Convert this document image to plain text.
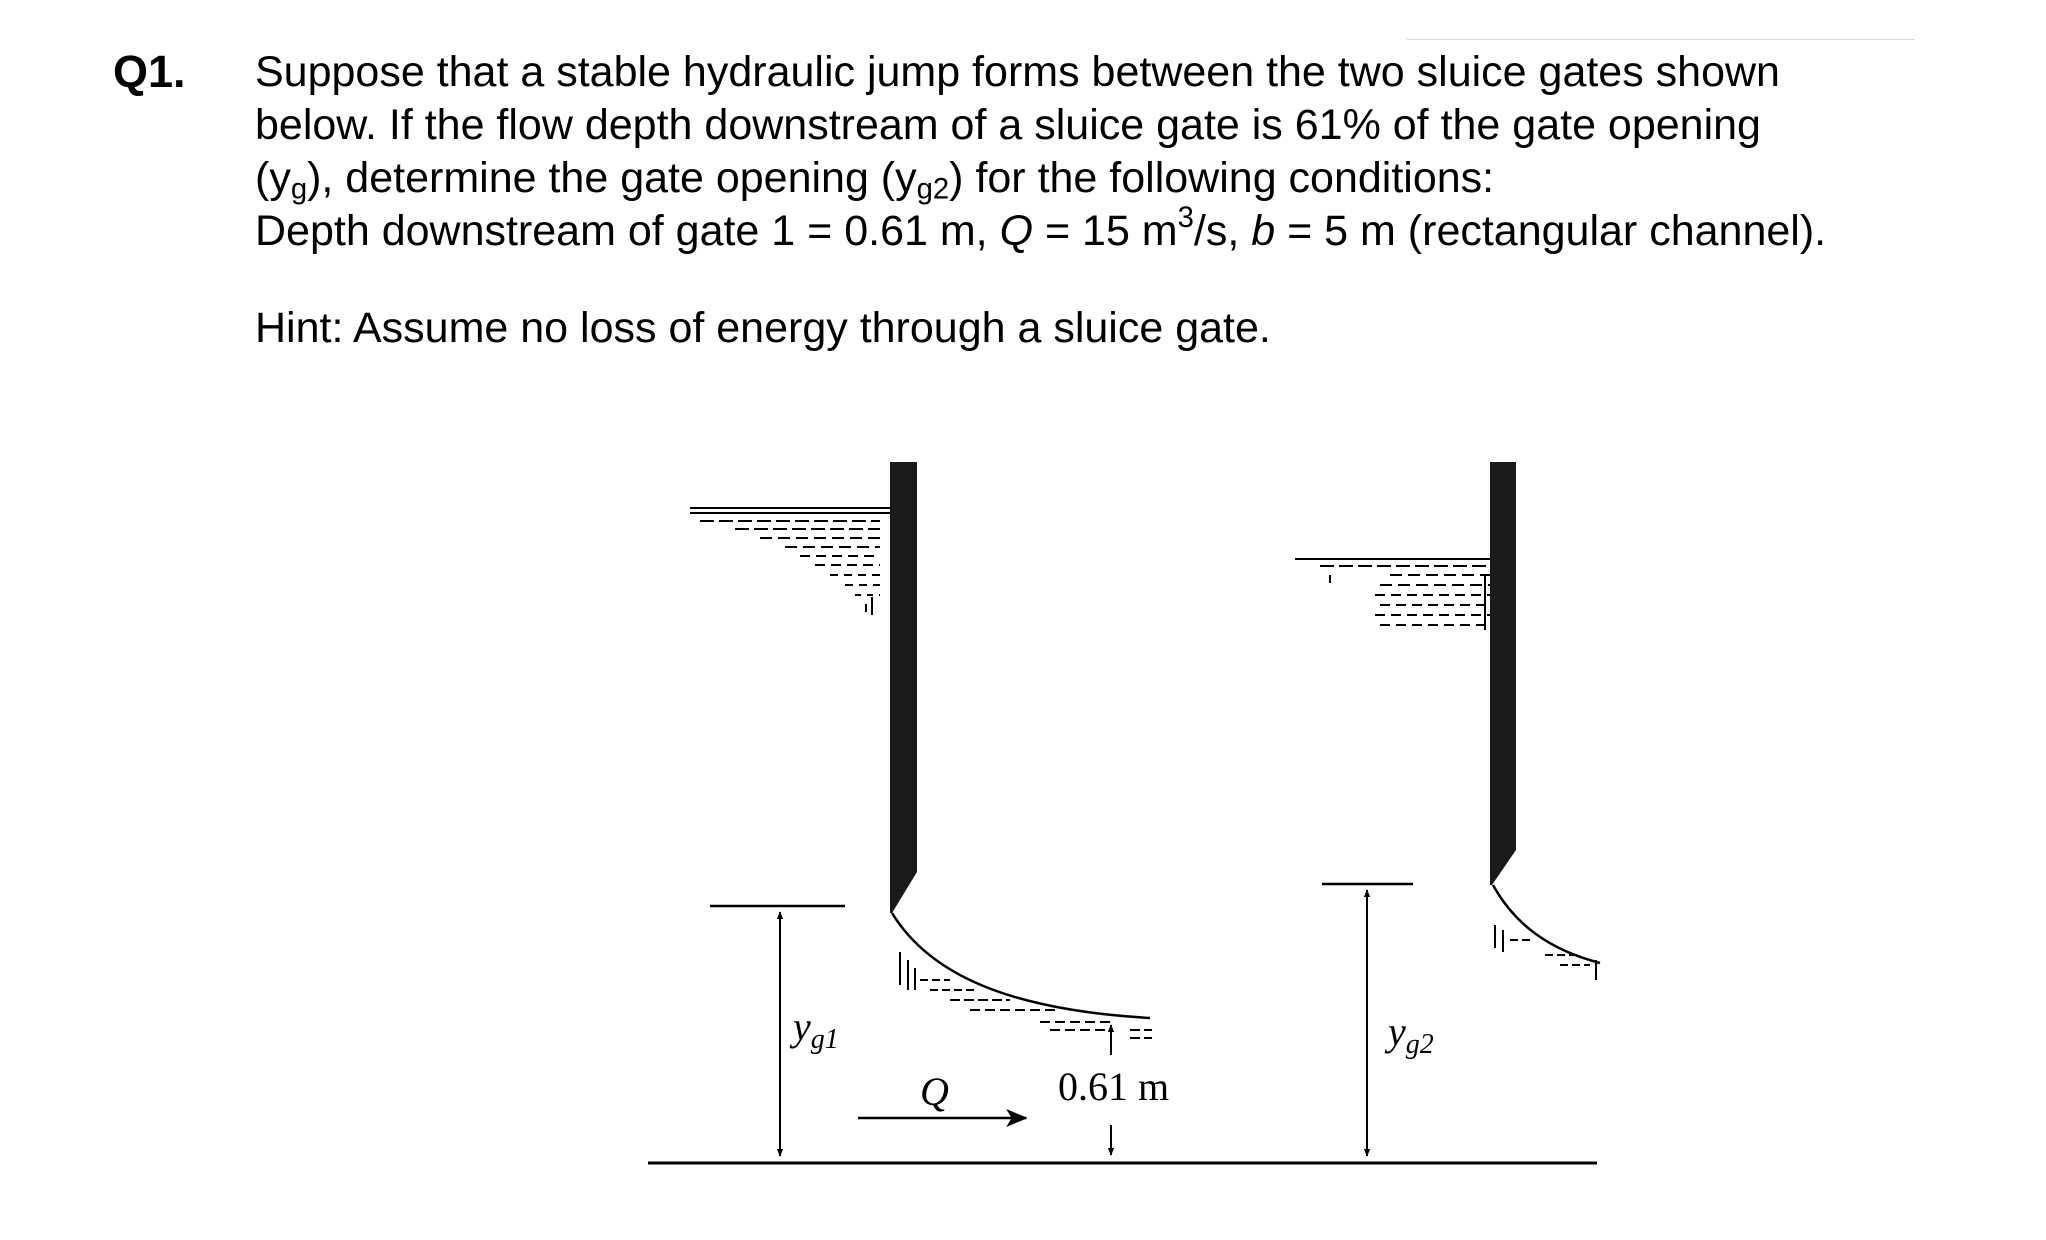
Q1. Suppose that a stable hydraulic jump forms between the two sluice gates shown
below. If the flow depth downstream of a sluice gate is 61% of the gate opening
$(y_g)$, determine the gate opening $(y_{g2})$ for the following conditions:
Depth downstream of gate 1 = 0.61 m, Q = 15 $m^3/s$, b = 5 m (rectangular channel).
Hint: Assume no loss of energy through a sluice gate.
$y_{g1}$
Q	0.61 m
$y_{g2}$
